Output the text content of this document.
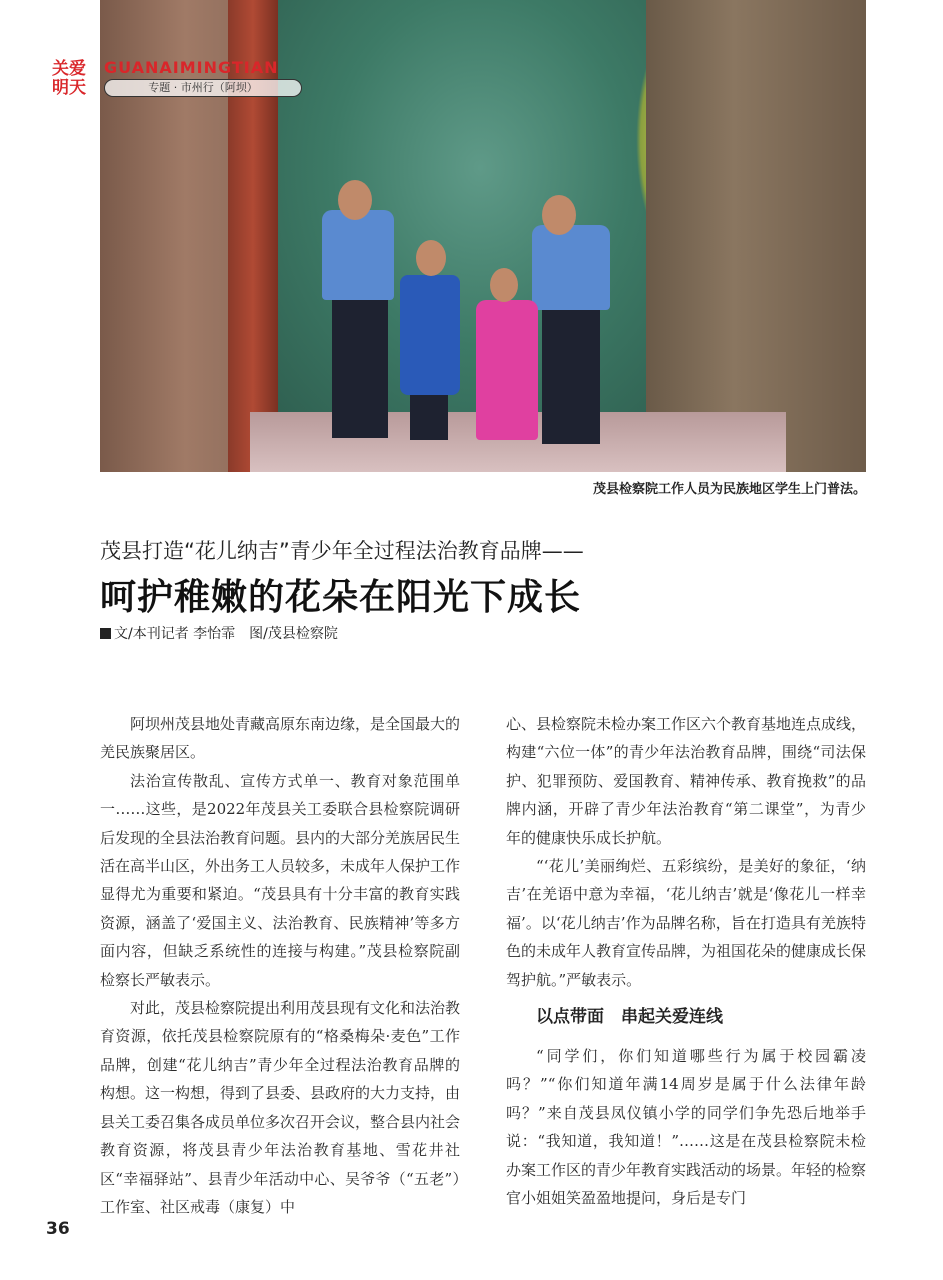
关爱
明天
GUANAIMINGTIAN
专题 · 市州行（阿坝）
茂县检察院工作人员为民族地区学生上门普法。
茂县打造“花儿纳吉”青少年全过程法治教育品牌——
呵护稚嫩的花朵在阳光下成长
文/本刊记者 李怡霏　图/茂县检察院

阿坝州茂县地处青藏高原东南边缘，是全国最大的羌民族聚居区。

法治宣传散乱、宣传方式单一、教育对象范围单一……这些，是2022年茂县关工委联合县检察院调研后发现的全县法治教育问题。县内的大部分羌族居民生活在高半山区，外出务工人员较多，未成年人保护工作显得尤为重要和紧迫。“茂县具有十分丰富的教育实践资源，涵盖了‘爱国主义、法治教育、民族精神’等多方面内容，但缺乏系统性的连接与构建。”茂县检察院副检察长严敏表示。

对此，茂县检察院提出利用茂县现有文化和法治教育资源，依托茂县检察院原有的“格桑梅朵·麦色”工作品牌，创建“花儿纳吉”青少年全过程法治教育品牌的构想。这一构想，得到了县委、县政府的大力支持，由县关工委召集各成员单位多次召开会议，整合县内社会教育资源，将茂县青少年法治教育基地、雪花井社区“幸福驿站”、县青少年活动中心、吴爷爷（“五老”）工作室、社区戒毒（康复）中

心、县检察院未检办案工作区六个教育基地连点成线，构建“六位一体”的青少年法治教育品牌，围绕“司法保护、犯罪预防、爱国教育、精神传承、教育挽救”的品牌内涵，开辟了青少年法治教育“第二课堂”，为青少年的健康快乐成长护航。

“‘花儿’美丽绚烂、五彩缤纷，是美好的象征，‘纳吉’在羌语中意为幸福，‘花儿纳吉’就是‘像花儿一样幸福’。以‘花儿纳吉’作为品牌名称，旨在打造具有羌族特色的未成年人教育宣传品牌，为祖国花朵的健康成长保驾护航。”严敏表示。

以点带面　串起关爱连线

“同学们，你们知道哪些行为属于校园霸凌吗？”“你们知道年满14周岁是属于什么法律年龄吗？”来自茂县凤仪镇小学的同学们争先恐后地举手说：“我知道，我知道！”……这是在茂县检察院未检办案工作区的青少年教育实践活动的场景。年轻的检察官小姐姐笑盈盈地提问，身后是专门

36
